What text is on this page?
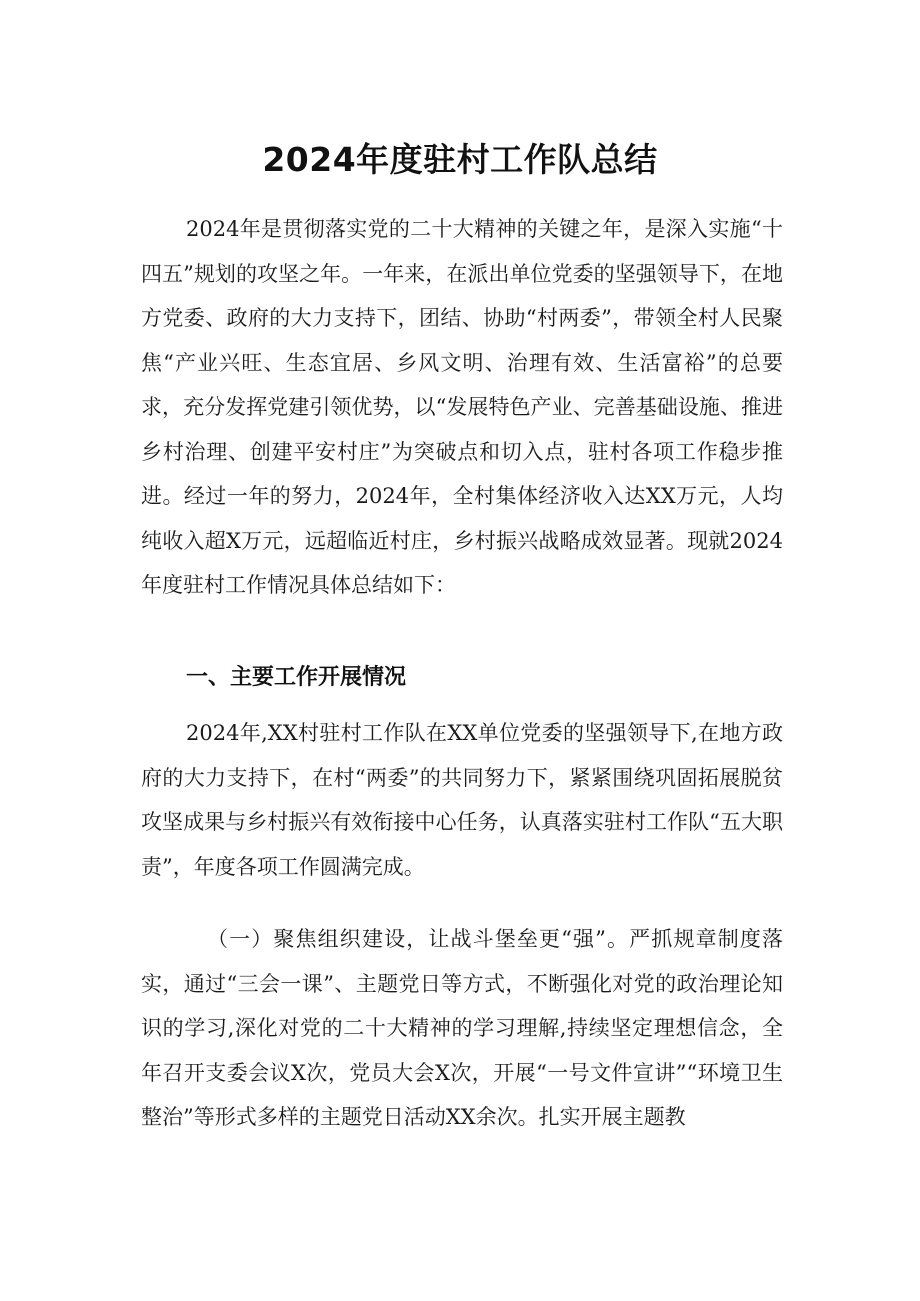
2024年度驻村工作队总结

2024年是贯彻落实党的二十大精神的关键之年，是深入实施“十四五”规划的攻坚之年。一年来，在派出单位党委的坚强领导下，在地方党委、政府的大力支持下，团结、协助“村两委”，带领全村人民聚焦“产业兴旺、生态宜居、乡风文明、治理有效、生活富裕”的总要求，充分发挥党建引领优势，以“发展特色产业、完善基础设施、推进乡村治理、创建平安村庄”为突破点和切入点，驻村各项工作稳步推进。经过一年的努力，2024年，全村集体经济收入达XX万元，人均纯收入超X万元，远超临近村庄，乡村振兴战略成效显著。现就2024年度驻村工作情况具体总结如下：

一、主要工作开展情况

2024年,XX村驻村工作队在XX单位党委的坚强领导下,在地方政府的大力支持下，在村“两委”的共同努力下，紧紧围绕巩固拓展脱贫攻坚成果与乡村振兴有效衔接中心任务，认真落实驻村工作队“五大职责”，年度各项工作圆满完成。

（一）聚焦组织建设，让战斗堡垒更“强”。严抓规章制度落实，通过“三会一课”、主题党日等方式，不断强化对党的政治理论知识的学习,深化对党的二十大精神的学习理解,持续坚定理想信念，全年召开支委会议X次，党员大会X次，开展“一号文件宣讲”“环境卫生整治”等形式多样的主题党日活动XX余次。扎实开展主题教
